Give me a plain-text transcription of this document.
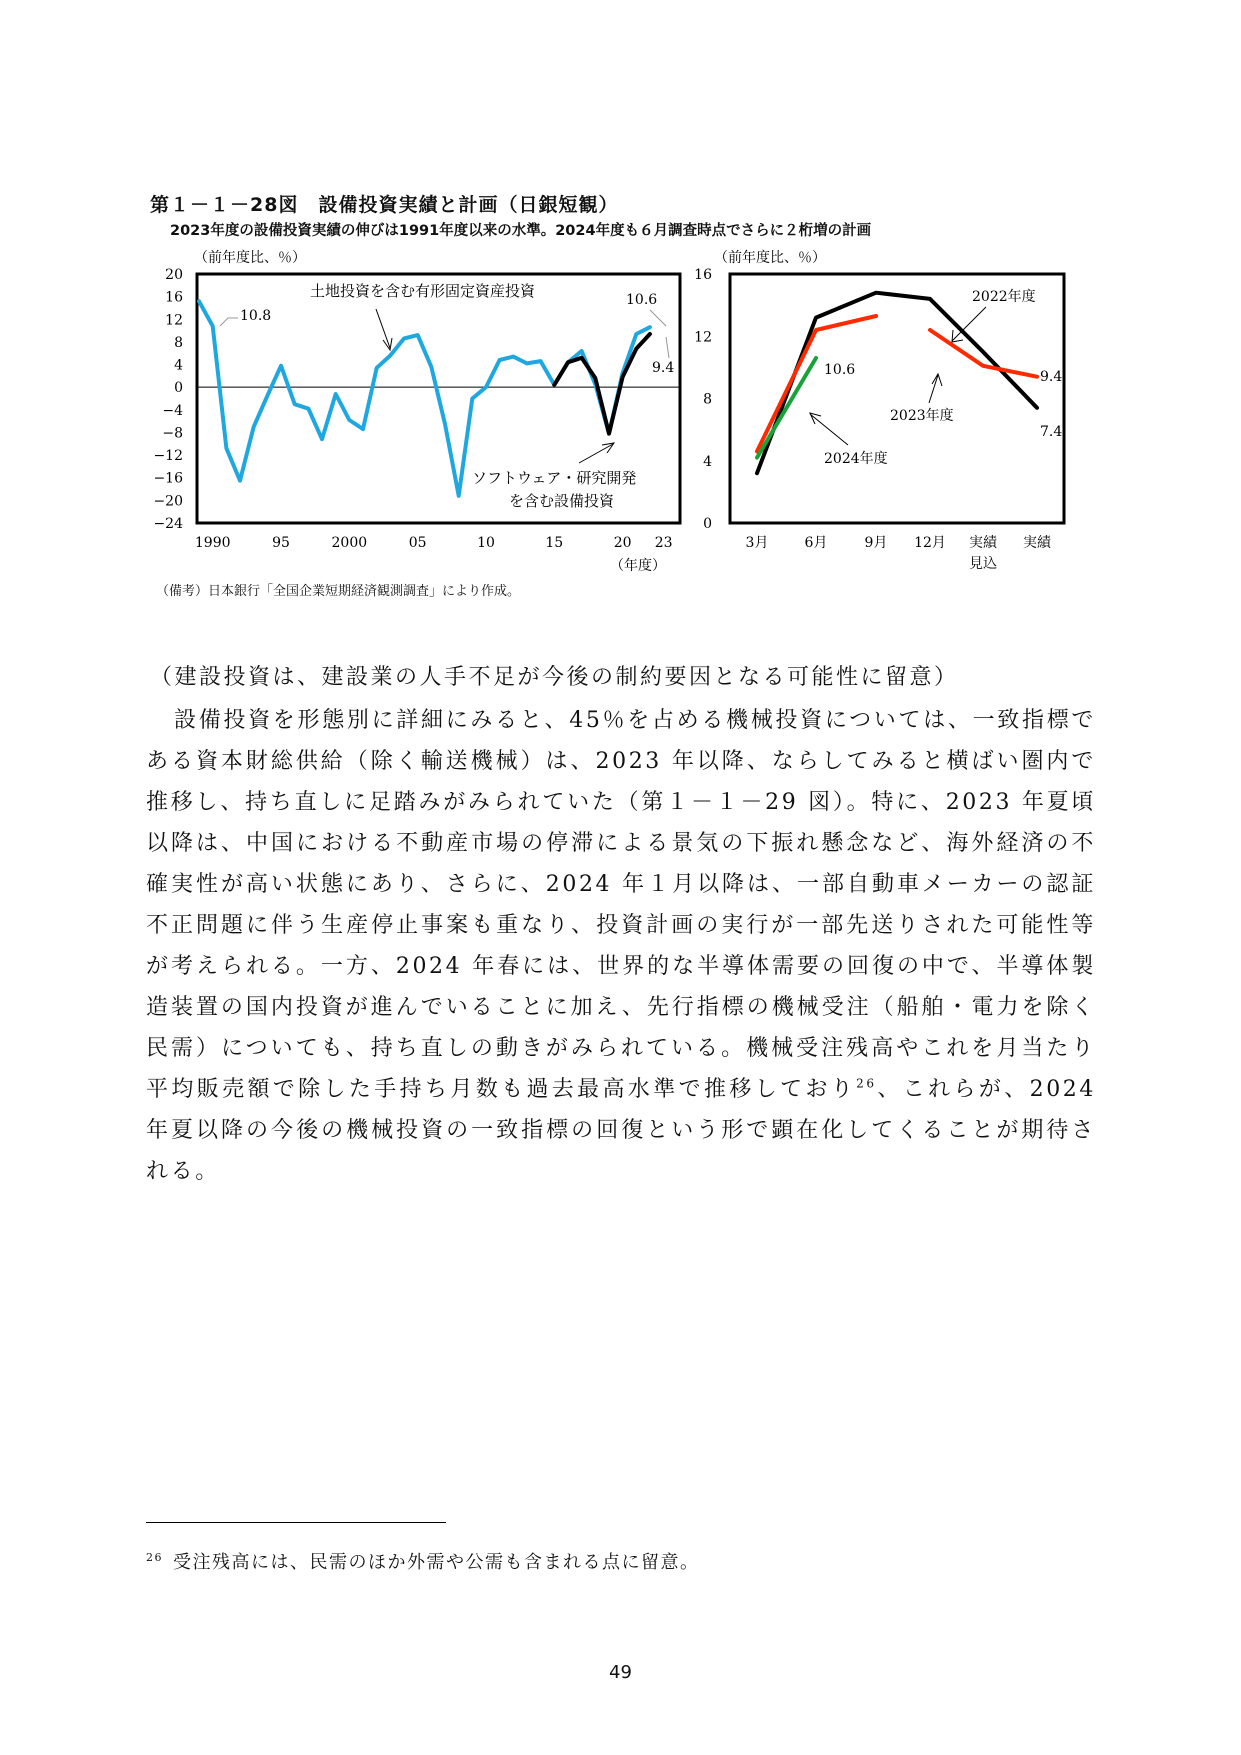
第１－１－28図　設備投資実績と計画（日銀短観）
2023年度の設備投資実績の伸びは1991年度以来の水準。2024年度も６月調査時点でさらに２桁増の計画
（前年度比、％）
20
16
12
8
4
0
−4
−8
−12
−16
−20
−24
1990	95	2000	05	10	15	20 23
（年度）
土地投資を含む有形固定資産投資
ソフトウェア・研究開発
を含む設備投資
10.8
10.6
9.4
（前年度比、％）
16
12
8
4
0
3月	6月	9月 12月 実績
見込
実績
2022年度
2023年度
2024年度
10.6	9.4
7.4
（備考）日本銀行「全国企業短期経済観測調査」により作成。
（建設投資は、建設業の人手不足が今後の制約要因となる可能性に留意）
設備投資を形態別に詳細にみると、45％を占める機械投資については、一致指標である資本財総供給（除く輸送機械）は、2023 年以降、ならしてみると横ばい圏内で推移し、持ち直しに足踏みがみられていた（第１－１－29 図）。特に、2023 年夏頃以降は、中国における不動産市場の停滞による景気の下振れ懸念など、海外経済の不確実性が高い状態にあり、さらに、2024 年１月以降は、一部自動車メーカーの認証不正問題に伴う生産停止事案も重なり、投資計画の実行が一部先送りされた可能性等が考えられる。一方、2024 年春には、世界的な半導体需要の回復の中で、半導体製造装置の国内投資が進んでいることに加え、先行指標の機械受注（船舶・電力を除く民需）についても、持ち直しの動きがみられている。機械受注残高やこれを月当たり平均販売額で除した手持ち月数も過去最高水準で推移しており$^{26}$、これらが、2024 年夏以降の今後の機械投資の一致指標の回復という形で顕在化してくることが期待される。
$^{26}$ 受注残高には、民需のほか外需や公需も含まれる点に留意。
49
